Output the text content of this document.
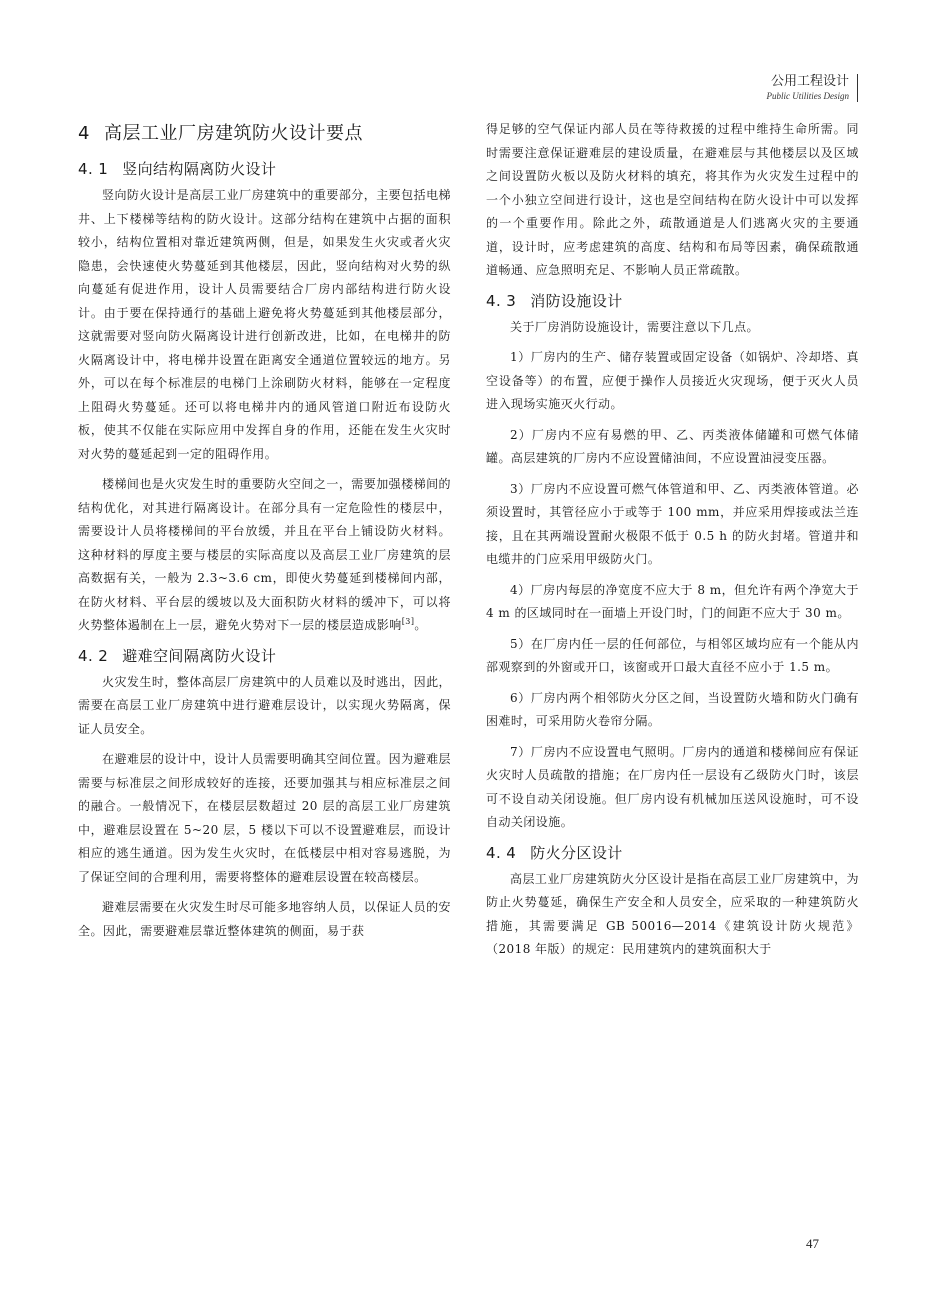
公用工程设计
Public Utilities Design
4 高层工业厂房建筑防火设计要点
4. 1 竖向结构隔离防火设计

竖向防火设计是高层工业厂房建筑中的重要部分，主要包括电梯井、上下楼梯等结构的防火设计。这部分结构在建筑中占据的面积较小，结构位置相对靠近建筑两侧，但是，如果发生火灾或者火灾隐患，会快速使火势蔓延到其他楼层，因此，竖向结构对火势的纵向蔓延有促进作用，设计人员需要结合厂房内部结构进行防火设计。由于要在保持通行的基础上避免将火势蔓延到其他楼层部分，这就需要对竖向防火隔离设计进行创新改进，比如，在电梯井的防火隔离设计中，将电梯井设置在距离安全通道位置较远的地方。另外，可以在每个标准层的电梯门上涂刷防火材料，能够在一定程度上阻碍火势蔓延。还可以将电梯井内的通风管道口附近布设防火板，使其不仅能在实际应用中发挥自身的作用，还能在发生火灾时对火势的蔓延起到一定的阻碍作用。

楼梯间也是火灾发生时的重要防火空间之一，需要加强楼梯间的结构优化，对其进行隔离设计。在部分具有一定危险性的楼层中，需要设计人员将楼梯间的平台放缓，并且在平台上铺设防火材料。这种材料的厚度主要与楼层的实际高度以及高层工业厂房建筑的层高数据有关，一般为 2.3~3.6 cm，即使火势蔓延到楼梯间内部，在防火材料、平台层的缓坡以及大面积防火材料的缓冲下，可以将火势整体遏制在上一层，避免火势对下一层的楼层造成影响[3]。

4. 2 避难空间隔离防火设计

火灾发生时，整体高层厂房建筑中的人员难以及时逃出，因此，需要在高层工业厂房建筑中进行避难层设计，以实现火势隔离，保证人员安全。

在避难层的设计中，设计人员需要明确其空间位置。因为避难层需要与标准层之间形成较好的连接，还要加强其与相应标准层之间的融合。一般情况下，在楼层层数超过 20 层的高层工业厂房建筑中，避难层设置在 5~20 层，5 楼以下可以不设置避难层，而设计相应的逃生通道。因为发生火灾时，在低楼层中相对容易逃脱，为了保证空间的合理利用，需要将整体的避难层设置在较高楼层。

避难层需要在火灾发生时尽可能多地容纳人员，以保证人员的安全。因此，需要避难层靠近整体建筑的侧面，易于获

得足够的空气保证内部人员在等待救援的过程中维持生命所需。同时需要注意保证避难层的建设质量，在避难层与其他楼层以及区域之间设置防火板以及防火材料的填充，将其作为火灾发生过程中的一个小独立空间进行设计，这也是空间结构在防火设计中可以发挥的一个重要作用。除此之外，疏散通道是人们逃离火灾的主要通道，设计时，应考虑建筑的高度、结构和布局等因素，确保疏散通道畅通、应急照明充足、不影响人员正常疏散。

4. 3 消防设施设计

关于厂房消防设施设计，需要注意以下几点。

1）厂房内的生产、储存装置或固定设备（如锅炉、冷却塔、真空设备等）的布置，应便于操作人员接近火灾现场，便于灭火人员进入现场实施灭火行动。

2）厂房内不应有易燃的甲、乙、丙类液体储罐和可燃气体储罐。高层建筑的厂房内不应设置储油间，不应设置油浸变压器。

3）厂房内不应设置可燃气体管道和甲、乙、丙类液体管道。必须设置时，其管径应小于或等于 100 mm，并应采用焊接或法兰连接，且在其两端设置耐火极限不低于 0.5 h 的防火封堵。管道井和电缆井的门应采用甲级防火门。

4）厂房内每层的净宽度不应大于 8 m，但允许有两个净宽大于 4 m 的区域同时在一面墙上开设门时，门的间距不应大于 30 m。

5）在厂房内任一层的任何部位，与相邻区域均应有一个能从内部观察到的外窗或开口，该窗或开口最大直径不应小于 1.5 m。

6）厂房内两个相邻防火分区之间，当设置防火墙和防火门确有困难时，可采用防火卷帘分隔。

7）厂房内不应设置电气照明。厂房内的通道和楼梯间应有保证火灾时人员疏散的措施；在厂房内任一层设有乙级防火门时，该层可不设自动关闭设施。但厂房内设有机械加压送风设施时，可不设自动关闭设施。

4. 4 防火分区设计

高层工业厂房建筑防火分区设计是指在高层工业厂房建筑中，为防止火势蔓延，确保生产安全和人员安全，应采取的一种建筑防火措施，其需要满足 GB 50016—2014《建筑设计防火规范》（2018 年版）的规定：民用建筑内的建筑面积大于

47
